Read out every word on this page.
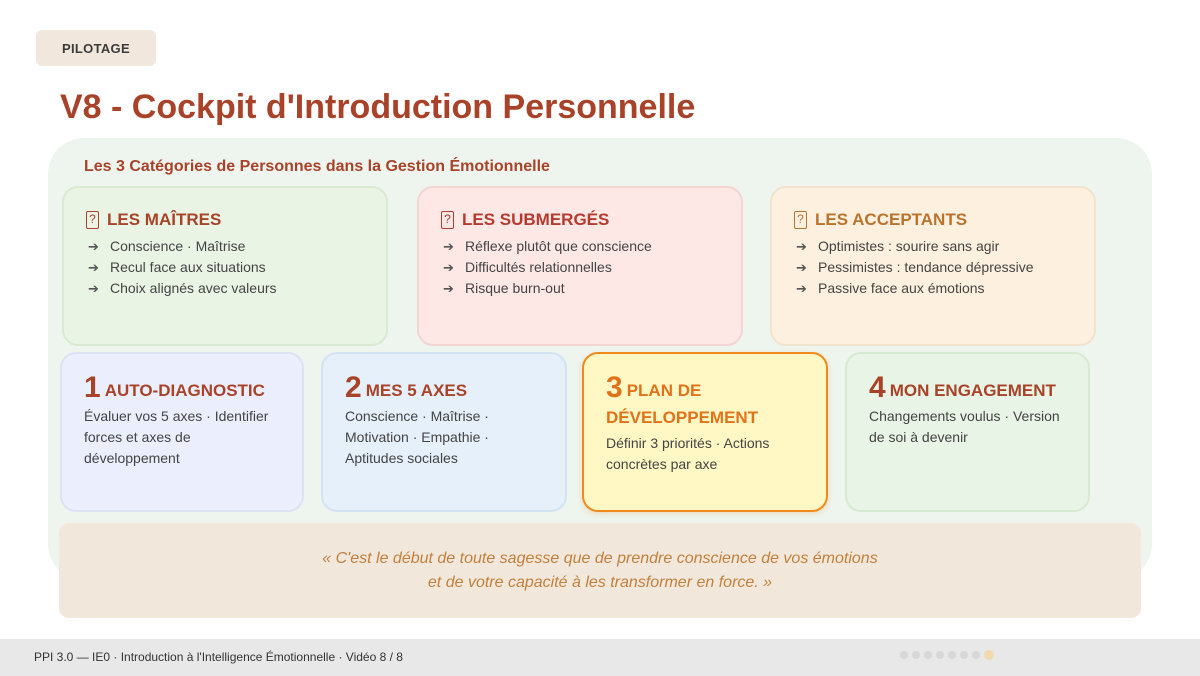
PILOTAGE
V8 - Cockpit d'Introduction Personnelle
Les 3 Catégories de Personnes dans la Gestion Émotionnelle
? LES MAÎTRES
➔ Conscience · Maîtrise
➔ Recul face aux situations
➔ Choix alignés avec valeurs
? LES SUBMERGÉS
➔ Réflexe plutôt que conscience
➔ Difficultés relationnelles
➔ Risque burn-out
? LES ACCEPTANTS
➔ Optimistes : sourire sans agir
➔ Pessimistes : tendance dépressive
➔ Passive face aux émotions
1 AUTO-DIAGNOSTIC
Évaluer vos 5 axes · Identifier forces et axes de développement
2 MES 5 AXES
Conscience · Maîtrise · Motivation · Empathie · Aptitudes sociales
3 PLAN DE DÉVELOPPEMENT
Définir 3 priorités · Actions concrètes par axe
4 MON ENGAGEMENT
Changements voulus · Version de soi à devenir
« C'est le début de toute sagesse que de prendre conscience de vos émotions
et de votre capacité à les transformer en force. »
PPI 3.0 — IE0 · Introduction à l'Intelligence Émotionnelle · Vidéo 8 / 8
